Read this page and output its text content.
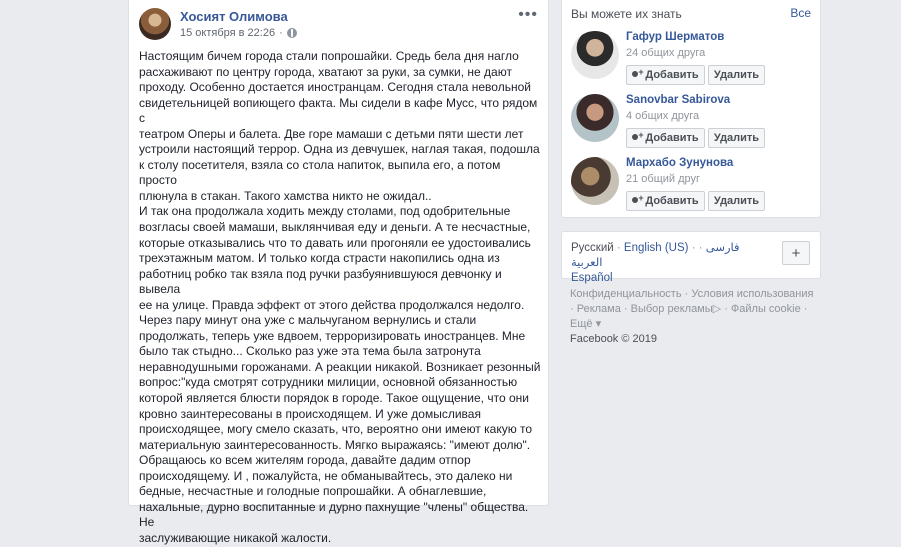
Хосият Олимова
15 октября в 22:26 ·
•••
Настоящим бичем города стали попрошайки. Средь бела дня нагло
расхаживают по центру города, хватают за руки, за сумки, не дают
проходу. Особенно достается иностранцам. Сегодня стала невольной
свидетельницей вопиющего факта. Мы сидели в кафе Мусс, что рядом с
театром Оперы и балета. Две горе мамаши с детьми пяти шести лет
устроили настоящий террор. Одна из девчушек, наглая такая, подошла
к столу посетителя, взяла со стола напиток, выпила его, а потом просто
плюнула в стакан. Такого хамства никто не ожидал..
И так она продолжала ходить между столами, под одобрительные
возгласы своей мамаши, выклянчивая еду и деньги. А те несчастные,
которые отказывались что то давать или прогоняли ее удостоивались
трехэтажным матом. И только когда страсти накопились одна из
работниц робко так взяла под ручки разбуянившуюся девчонку и вывела
ее на улице. Правда эффект от этого действа продолжался недолго.
Через пару минут она уже с мальчуганом вернулись и стали
продолжать, теперь уже вдвоем, терроризировать иностранцев. Мне
было так стыдно... Сколько раз уже эта тема была затронута
неравнодушными горожанами. А реакции никакой. Возникает резонный
вопрос:"куда смотрят сотрудники милиции, основной обязанностью
которой является блюсти порядок в городе. Такое ощущение, что они
кровно заинтересованы в происходящем. И уже домысливая
происходящее, могу смело сказать, что, вероятно они имеют какую то
материальную заинтересованность. Мягко выражаясь: "имеют долю".
Обращаюсь ко всем жителям города, давайте дадим отпор
происходящему. И , пожалуйста, не обманывайтесь, это далеко ни
бедные, несчастные и голодные попрошайки. А обнаглевшие,
нахальные, дурно воспитанные и дурно пахнущие "члены" общества. Не
заслуживающие никакой жалости.
Вы можете их знать	Все
Гафур Шерматов
24 общих друга
+
Добавить	Удалить
Sanovbar Sabirova
4 общих друга
+
Добавить	Удалить
Мархабо Зунунова
21 общий друг
+
Добавить	Удалить
Русский · English (US) · فارسی · العربية
Español
+
Конфиденциальность · Условия использования · Реклама · Выбор рекламы▷ · Файлы cookie · Ещё ▾
Facebook © 2019
